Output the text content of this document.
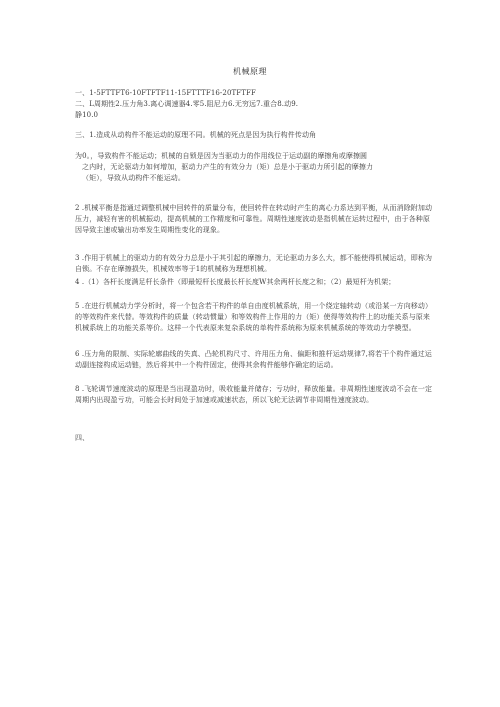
机械原理

一、1-5FTTFT6-10FTFTF11-15FTTTF16-20TFTFF

二、L周期性2.压力角3.离心调速器4.零5.阻尼力6.无穷远7.重合8.动9.

静10.0

三、1.造成从动构件不能运动的原理不同。机械的死点是因为执行构件传动角

为0。，导致构件不能运动；机械的自锁是因为当驱动力的作用线位于运动副的摩擦角或摩擦圆

之内时，无论驱动力如何增加，驱动力产生的有效分力（矩）总是小于驱动力所引起的摩擦力

（矩），导致从动构件不能运动。

2 .机械平衡是指通过调整机械中回转件的质量分布，使回转件在转动时产生的离心力系达到平衡，从而消除附加动压力，减轻有害的机械振动，提高机械的工作精度和可靠性。周期性速度波动是指机械在运转过程中，由于各种原因导致主速或输出功率发生周期性变化的现象。

3 .作用于机械上的驱动力的有效分力总是小于其引起的摩擦力，无论驱动力多么大，都不能使得机械运动，即称为自锁。不存在摩擦损失，机械效率等于1的机械称为理想机械。

4 .（1）各杆长度满足杆长条件（即最短杆长度最长杆长度W其余两杆长度之和；（2）最短杆为机架；

5 .在进行机械动力学分析时，将一个包含若干构件的单自由度机械系统，用一个绕定轴转动（或沿某一方向移动）的等效构件来代替。等效构件的质量（转动惯量）和等效构件上作用的力（矩）使得等效构件上的功能关系与原来机械系统上的功能关系等价。这样一个代表原来复杂系统的单构件系统称为原来机械系统的等效动力学模型。

6 .压力角的限制、实际轮廓曲线的失真、凸轮机构尺寸、许用压力角、偏距和推杆运动规律7,将若干个构件通过运动副连接构成运动链，然后将其中一个构件固定，使得其余构件能够作确定的运动。

8 .飞轮调节速度波动的原理是当出现盈功时，吸收能量并储存；亏功时，释放能量。非周期性速度波动不会在一定周期内出现盈亏功，可能会长时间处于加速或减速状态，所以飞轮无法调节非周期性速度波动。

四、
